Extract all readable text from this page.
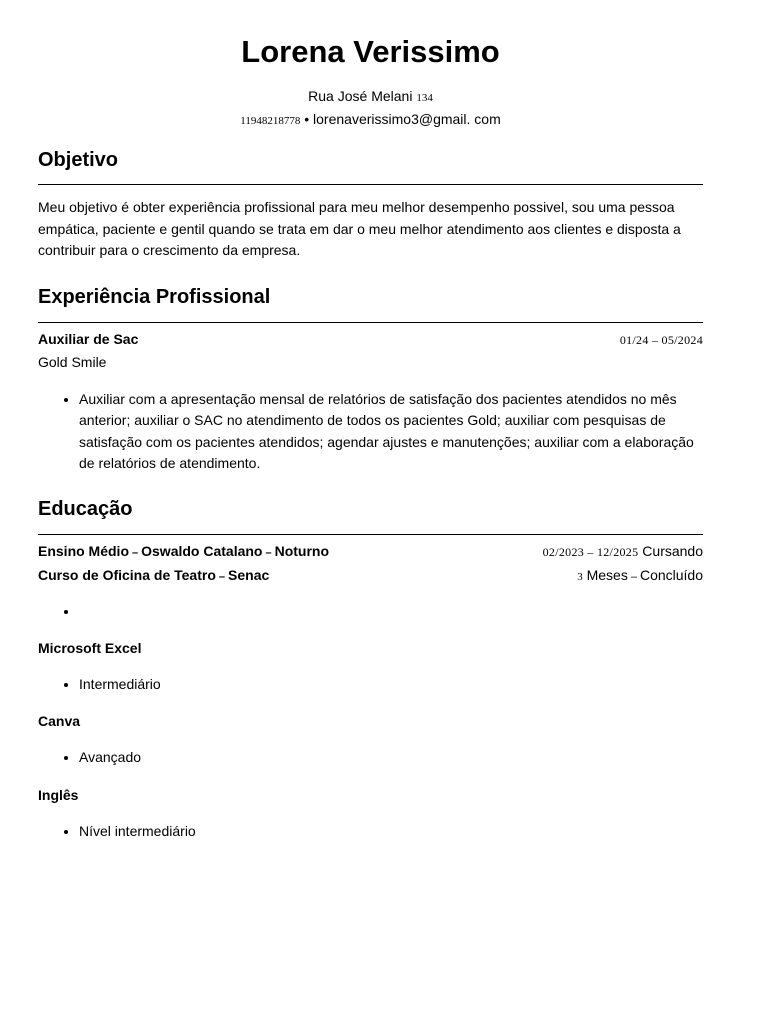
Lorena Verissimo
Rua José Melani 134
11948218778 • lorenaverissimo3@gmail. com
Objetivo

Meu objetivo é obter experiência profissional para meu melhor desempenho possivel, sou uma pessoa empática, paciente e gentil quando se trata em dar o meu melhor atendimento aos clientes e disposta a contribuir para o crescimento da empresa.

Experiência Profissional
Auxiliar de Sac	01/24 – 05/2024
Gold Smile
• Auxiliar com a apresentação mensal de relatórios de satisfação dos pacientes atendidos no mês anterior; auxiliar o SAC no atendimento de todos os pacientes Gold; auxiliar com pesquisas de satisfação com os pacientes atendidos; agendar ajustes e manutenções; auxiliar com a elaboração de relatórios de atendimento.
Educação
Ensino Médio – Oswaldo Catalano – Noturno	02/2023 – 12/2025 Cursando
Curso de Oficina de Teatro – Senac	3 Meses – Concluído
•
Microsoft Excel
• Intermediário
Canva
• Avançado
Inglês
• Nível intermediário
